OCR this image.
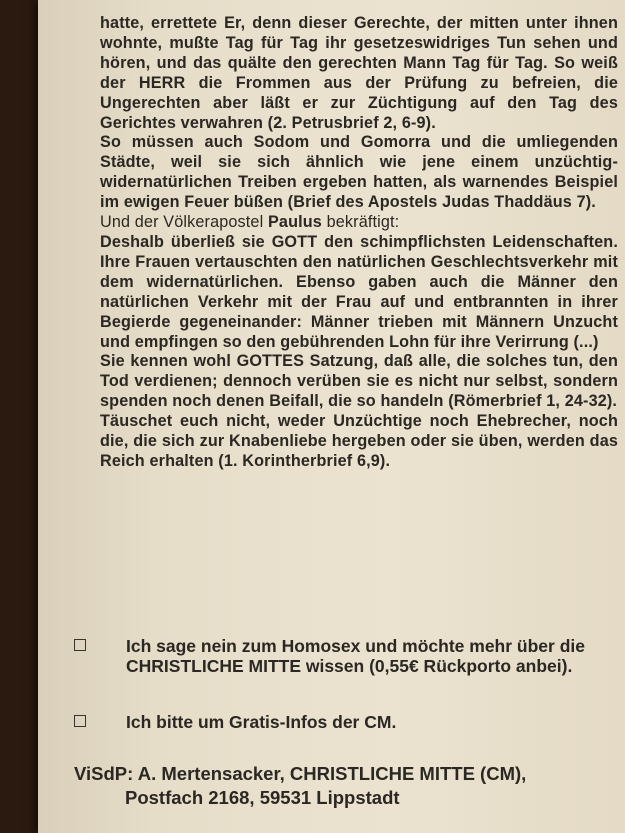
hatte, errettete Er, denn dieser Gerechte, der mitten unter ihnen wohnte, mußte Tag für Tag ihr gesetzeswidriges Tun sehen und hören, und das quälte den gerechten Mann Tag für Tag. So weiß der HERR die Frommen aus der Prüfung zu befreien, die Ungerechten aber läßt er zur Züchtigung auf den Tag des Gerichtes verwahren (2. Petrusbrief 2, 6-9).

So müssen auch Sodom und Gomorra und die umliegenden Städte, weil sie sich ähnlich wie jene einem unzüchtig-widernatürlichen Treiben ergeben hatten, als warnendes Beispiel im ewigen Feuer büßen (Brief des Apostels Judas Thaddäus 7).

Und der Völkerapostel Paulus bekräftigt:

Deshalb überließ sie GOTT den schimpflichsten Leidenschaften. Ihre Frauen vertauschten den natürlichen Geschlechtsverkehr mit dem widernatürlichen. Ebenso gaben auch die Männer den natürlichen Verkehr mit der Frau auf und entbrannten in ihrer Begierde gegeneinander: Männer trieben mit Männern Unzucht und empfingen so den gebührenden Lohn für ihre Verirrung (...)

Sie kennen wohl GOTTES Satzung, daß alle, die solches tun, den Tod verdienen; dennoch verüben sie es nicht nur selbst, sondern spenden noch denen Beifall, die so handeln (Römerbrief 1, 24-32).

Täuschet euch nicht, weder Unzüchtige noch Ehebrecher, noch die, die sich zur Knabenliebe hergeben oder sie üben, werden das Reich erhalten (1. Korintherbrief 6,9).

Ich sage nein zum Homosex und möchte mehr über die CHRISTLICHE MITTE wissen (0,55€ Rückporto anbei).
Ich bitte um Gratis-Infos der CM.
ViSdP: A. Mertensacker, CHRISTLICHE MITTE (CM),
Postfach 2168, 59531 Lippstadt
